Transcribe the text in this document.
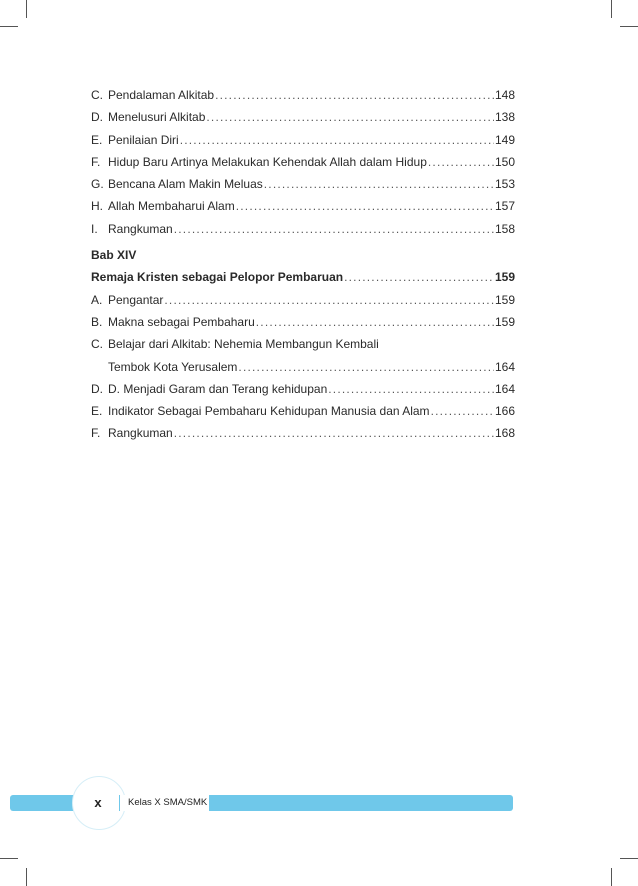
C. Pendalaman Alkitab .....	148
D. Menelusuri Alkitab .....	138
E. Penilaian Diri .....	149
F. Hidup Baru Artinya Melakukan Kehendak Allah dalam Hidup .....	150
G. Bencana Alam Makin Meluas .....	153
H. Allah Membaharui Alam .....	157
I. Rangkuman .....	158
Bab XIV
Remaja Kristen sebagai Pelopor Pembaruan .....	159
A. Pengantar .....	159
B. Makna sebagai Pembaharu .....	159
C. Belajar dari Alkitab: Nehemia Membangun Kembali
Tembok Kota Yerusalem .....	164
D. D. Menjadi Garam dan Terang kehidupan .....	164
E. Indikator Sebagai Pembaharu Kehidupan Manusia dan Alam .....	166
F. Rangkuman .....	168
x	Kelas X SMA/SMK
